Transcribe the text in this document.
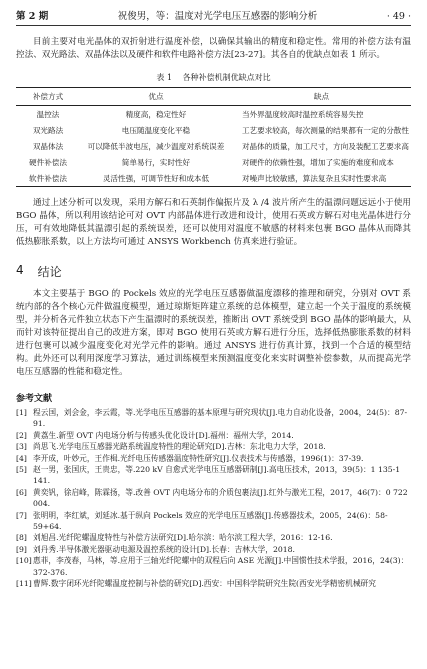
第 2 期	祝俊男，等：温度对光学电压互感器的影响分析	· 49 ·

目前主要对电光晶体的双折射进行温度补偿，以确保其输出的精度和稳定性。常用的补偿方法有温控法、双光路法、双晶体法以及硬件和软件电路补偿方法[23-27]。其各自的优缺点如表 1 所示。

表 1 各种补偿机制优缺点对比
补偿方式	优点	缺点
温控法	精度高，稳定性好	当外界温度较高时温控系统容易失控
双光路法	电压随温度变化平稳	工艺要求较高，每次测量的结果都有一定的分散性
双晶体法	可以降低半波电压，减少温度对系统误差	对晶体的质量，加工尺寸，方向及装配工艺要求高
硬件补偿法	简单易行，实时性好	对硬件的依赖性强，增加了实施的难度和成本
软件补偿法	灵活性强，可调节性好和成本低	对噪声比较敏感，算法复杂且实时性要求高

通过上述分析可以发现，采用方解石和石英制作偏振片及 λ /4 波片所产生的温漂问题远远小于使用 BGO 晶体，所以利用该结论可对 OVT 内部晶体进行改进和设计，使用石英或方解石对电光晶体进行分压，可有效地降低其温漂引起的系统误差，还可以使用对温度不敏感的材料来包裹 BGO 晶体从而降其低热膨胀系数，以上方法均可通过 ANSYS Workbench 仿真来进行验证。

4 结论

本文主要基于 BGO 的 Pockels 效应的光学电压互感器做温度漂移的推理和研究，分别对 OVT 系统内部的各个核心元件做温度模型，通过琼斯矩阵建立系统的总体模型，建立起一个关于温度的系统模型，并分析各元件独立状态下产生温漂时的系统误差，推断出 OVT 系统受到 BGO 晶体的影响最大，从而针对该特征提出自己的改进方案，即对 BGO 使用石英或方解石进行分压，选择低热膨胀系数的材料进行包裹可以减少温度变化对光学元件的影响。通过 ANSYS 进行仿真计算，找到一个合适的模型结构。此外还可以利用深度学习算法，通过训练模型来预测温度变化来实时调整补偿参数，从而提高光学电压互感器的性能和稳定性。

参考文献
[1] 程云国，刘会金，李云霞，等.光学电压互感器的基本原理与研究现状[J].电力自动化设备，2004，24(5)：87-91.
[2] 黄荔生.新型 OVT 内电场分析与传感头优化设计[D].福州：福州大学，2014.
[3] 尚思飞.光学电压互感器光路系统温度特性的理论研究[D].吉林：东北电力大学，2018.
[4] 李开成，叶妙元，王作楫.光纤电压传感器温度特性研究[J].仪表技术与传感器，1996(1)：37-39.
[5] 赵一男，张国庆，王贵忠，等.220 kV 自愈式光学电压互感器研制[J].高电压技术，2013，39(5)：1 135-1 141.
[6] 黄奕钒，徐启峰，陈霖扬，等.改善 OVT 内电场分布的介质包裹法[J].红外与激光工程，2017，46(7)：0 722 004.
[7] 张明明，李红斌，刘延冰.基于纵向 Pockels 效应的光学电压互感器[J].传感器技术，2005，24(6)：58-59+64.
[8] 刘旭昌.光纤陀螺温度特性与补偿方法研究[D].哈尔滨：哈尔滨工程大学，2016：12-16.
[9] 刘丹秀.半导体激光器驱动电源及温控系统的设计[D].长春：吉林大学，2018.
[10] 惠菲，李茂春，马林，等.应用于三轴光纤陀螺中的双程后向 ASE 光源[J].中国惯性技术学报，2016，24(3)：
372-376.
[11] 曹辉.数字闭环光纤陀螺温度控制与补偿的研究[D].西安：中国科学院研究生院(西安光学精密机械研究
